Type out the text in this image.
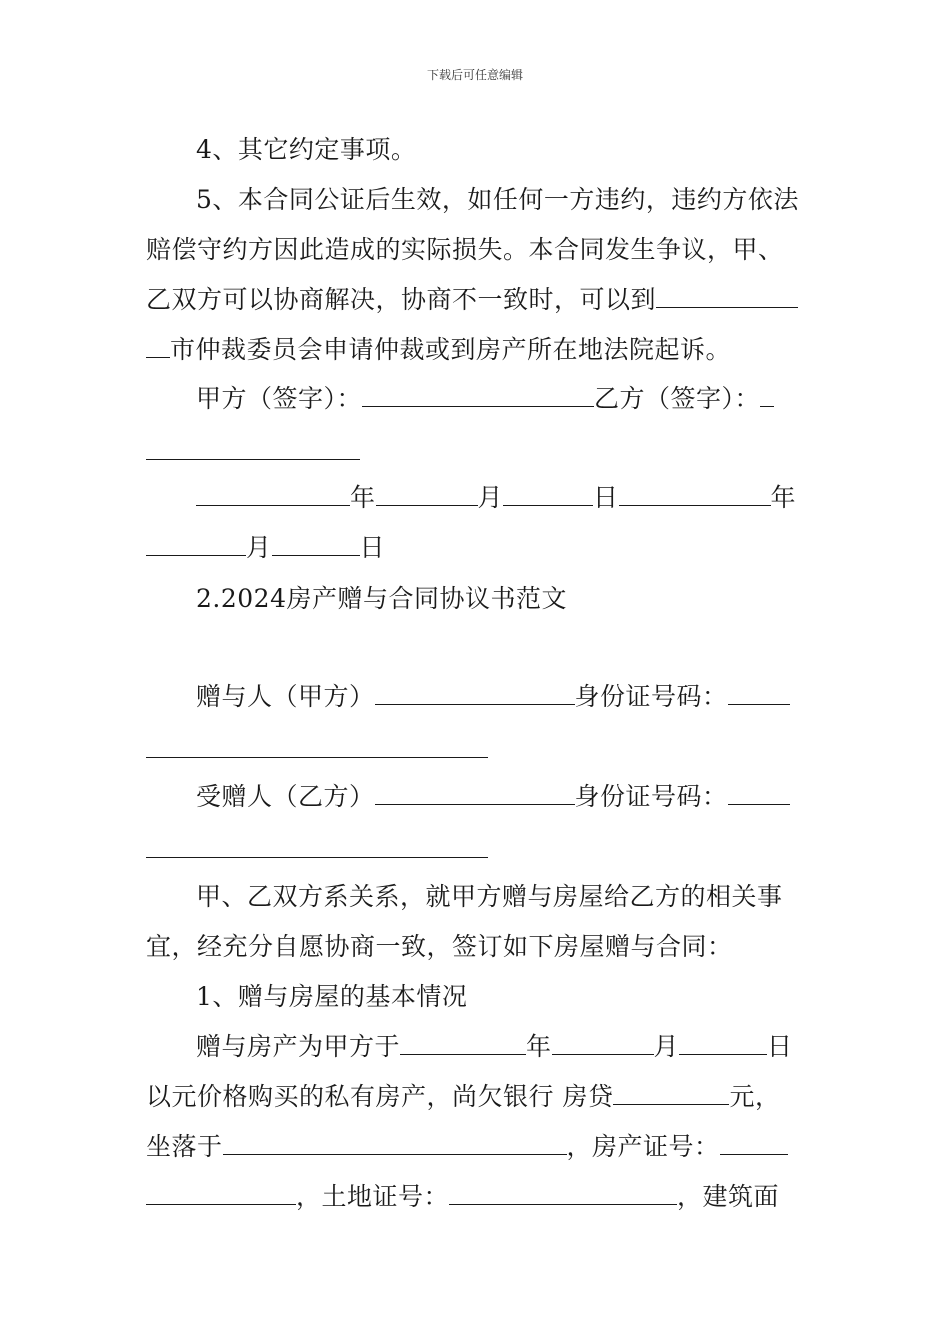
下载后可任意编辑
4、其它约定事项。
5、本合同公证后生效，如任何一方违约，违约方依法
赔偿守约方因此造成的实际损失。本合同发生争议，甲、
乙双方可以协商解决，协商不一致时，可以到
市仲裁委员会申请仲裁或到房产所在地法院起诉。
甲方（签字）：	乙方（签字）：
年	月	日	年
月	日
2.2024房产赠与合同协议书范文
赠与人（甲方）	身份证号码：
受赠人（乙方）	身份证号码：
甲、乙双方系关系，就甲方赠与房屋给乙方的相关事
宜，经充分自愿协商一致，签订如下房屋赠与合同：
1、赠与房屋的基本情况
赠与房产为甲方于	年	月	日
以元价格购买的私有房产，尚欠银行 房贷	元，
坐落于	，房产证号：
，土地证号：	，建筑面
